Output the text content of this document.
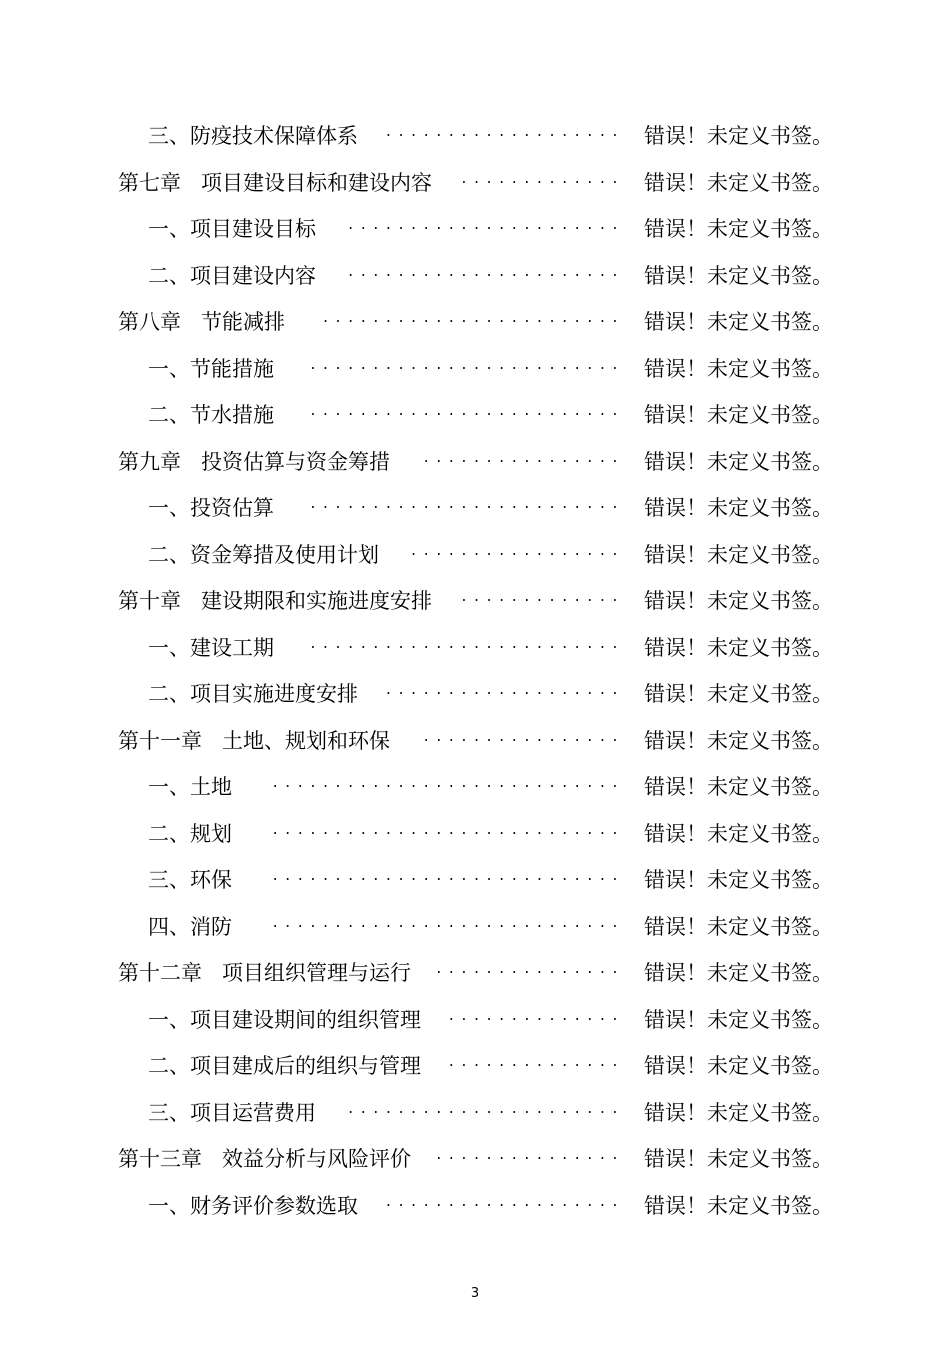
···················
三、防疫技术保障体系	错误！未定义书签。
·············
第七章 项目建设目标和建设内容	错误！未定义书签。
······················
一、项目建设目标	错误！未定义书签。
······················
二、项目建设内容	错误！未定义书签。
························
第八章 节能减排	错误！未定义书签。
·························
一、节能措施	错误！未定义书签。
·························
二、节水措施	错误！未定义书签。
················
第九章 投资估算与资金筹措	错误！未定义书签。
·························
一、投资估算	错误！未定义书签。
·················
二、资金筹措及使用计划	错误！未定义书签。
·············
第十章 建设期限和实施进度安排	错误！未定义书签。
·························
一、建设工期	错误！未定义书签。
···················
二、项目实施进度安排	错误！未定义书签。
················
第十一章 土地、规划和环保	错误！未定义书签。
····························
一、土地	错误！未定义书签。
····························
二、规划	错误！未定义书签。
····························
三、环保	错误！未定义书签。
····························
四、消防	错误！未定义书签。
···············
第十二章 项目组织管理与运行	错误！未定义书签。
··············
一、项目建设期间的组织管理	错误！未定义书签。
··············
二、项目建成后的组织与管理	错误！未定义书签。
······················
三、项目运营费用	错误！未定义书签。
···············
第十三章 效益分析与风险评价	错误！未定义书签。
···················
一、财务评价参数选取	错误！未定义书签。
3
